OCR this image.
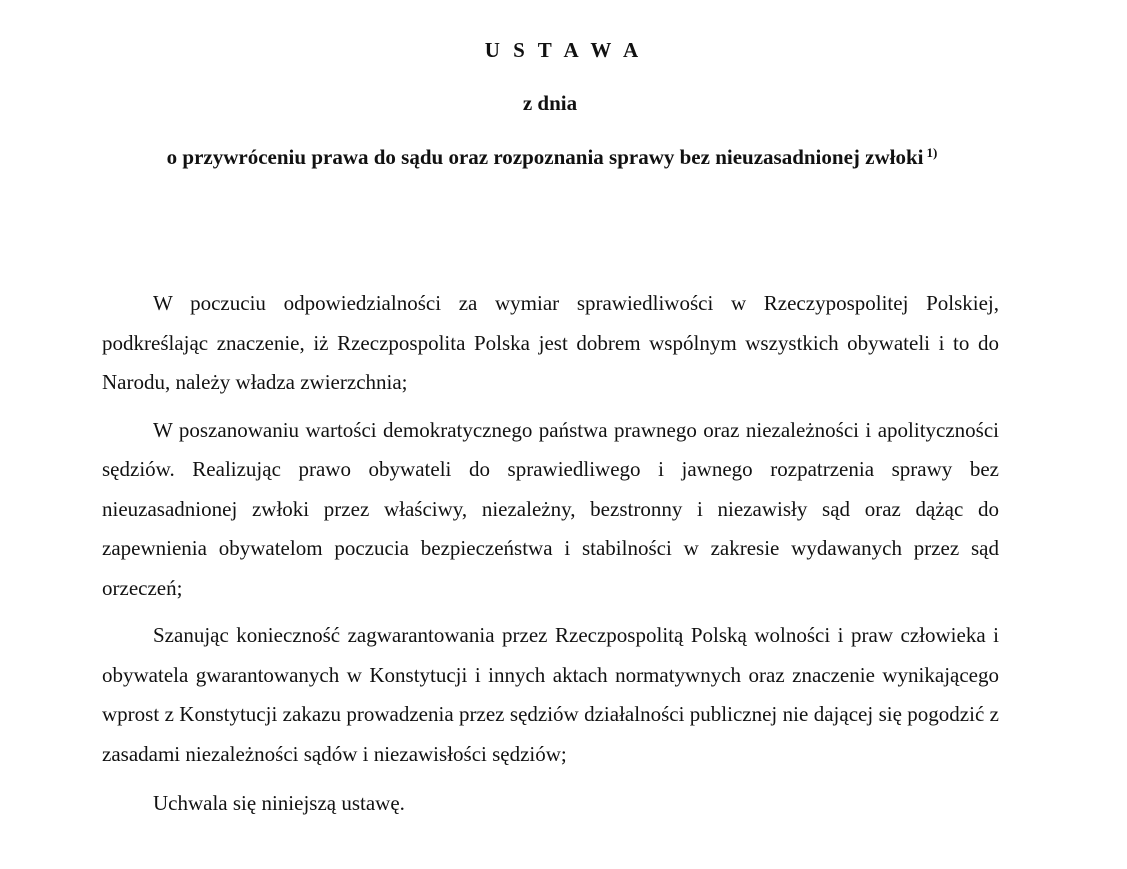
U S T A W A

z dnia

o przywróceniu prawa do sądu oraz rozpoznania sprawy bez nieuzasadnionej zwłoki $^{1)}$

W poczuciu odpowiedzialności za wymiar sprawiedliwości w Rzeczypospolitej Polskiej, podkreślając znaczenie, iż Rzeczpospolita Polska jest dobrem wspólnym wszystkich obywateli i to do Narodu, należy władza zwierzchnia;

W poszanowaniu wartości demokratycznego państwa prawnego oraz niezależności i apolityczności sędziów. Realizując prawo obywateli do sprawiedliwego i jawnego rozpatrzenia sprawy bez nieuzasadnionej zwłoki przez właściwy, niezależny, bezstronny i niezawisły sąd oraz dążąc do zapewnienia obywatelom poczucia bezpieczeństwa i stabilności w zakresie wydawanych przez sąd orzeczeń;

Szanując konieczność zagwarantowania przez Rzeczpospolitą Polską wolności i praw człowieka i obywatela gwarantowanych w Konstytucji i innych aktach normatywnych oraz znaczenie wynikającego wprost z Konstytucji zakazu prowadzenia przez sędziów działalności publicznej nie dającej się pogodzić z zasadami niezależności sądów i niezawisłości sędziów;

Uchwala się niniejszą ustawę.
